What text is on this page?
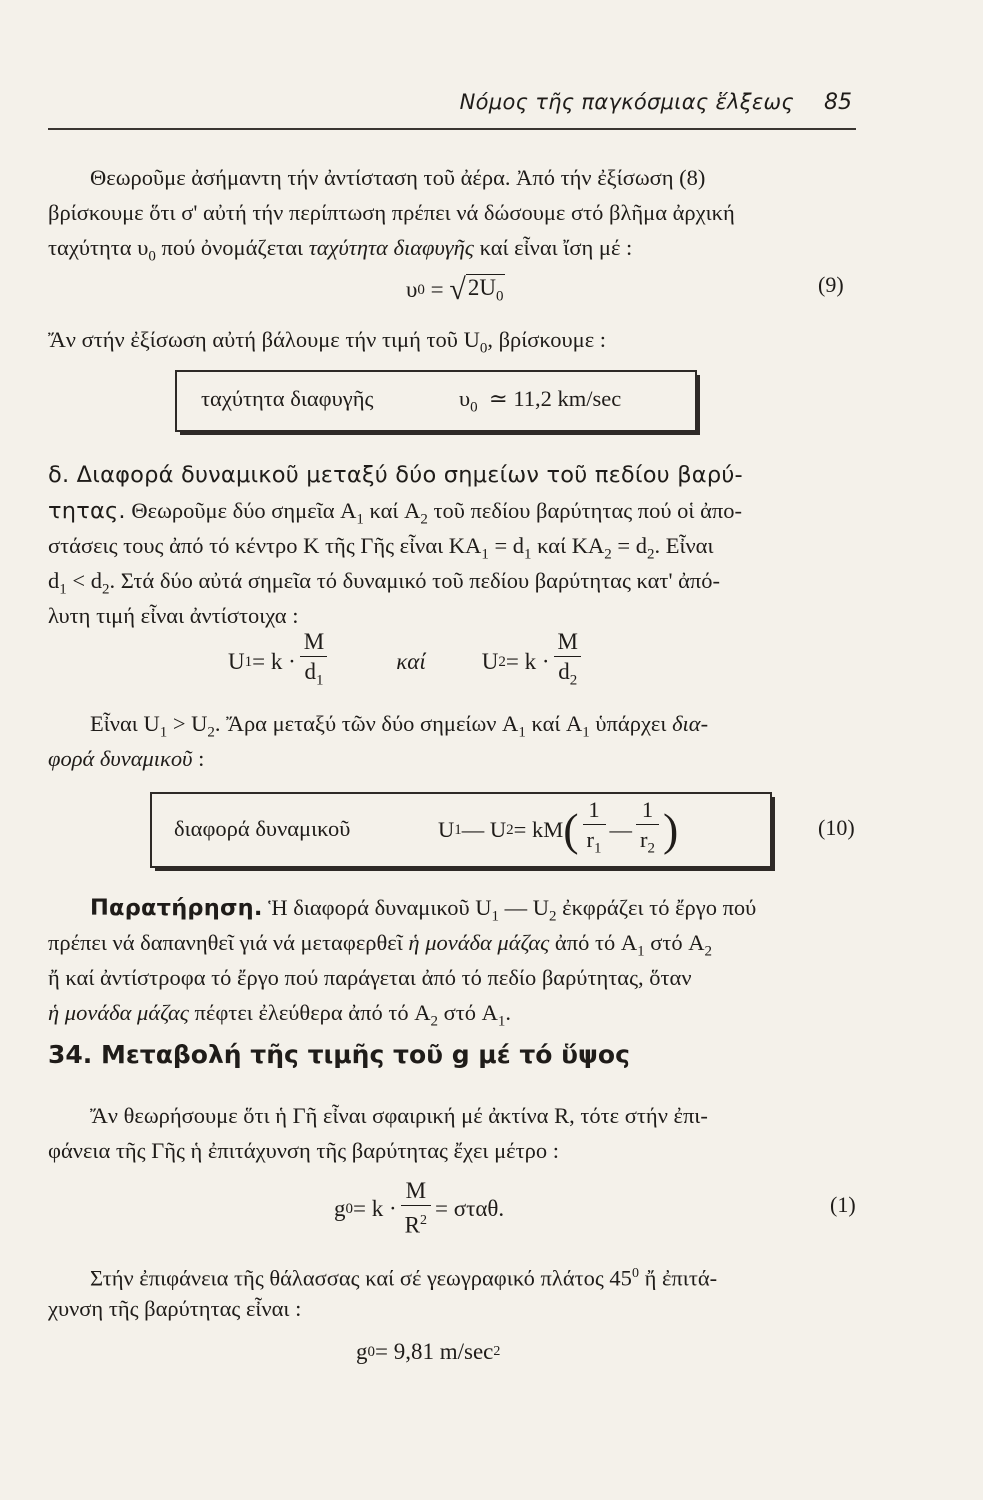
Νόμος τῆς παγκόσμιας ἕλξεως 85
Θεωροῦμε ἀσήμαντη τήν ἀντίσταση τοῦ ἀέρα. Ἀπό τήν ἐξίσωση (8)
βρίσκουμε ὅτι σ' αὐτή τήν περίπτωση πρέπει νά δώσουμε στό βλῆμα ἀρχική
ταχύτητα $\upsilon_0$ πού ὀνομάζεται ταχύτητα διαφυγῆς καί εἶναι ἴση μέ :
υ 0 = √ $2U_0$	(9)
Ἄν στήν ἐξίσωση αὐτή βάλουμε τήν τιμή τοῦ $U_0$, βρίσκουμε :
ταχύτητα διαφυγῆς	$\upsilon_0$ ≃ 11,2 km/sec
δ. Διαφορά δυναμικοῦ μεταξύ δύο σημείων τοῦ πεδίου βαρύ-
τητας. Θεωροῦμε δύο σημεῖα $A_1$ καί $A_2$ τοῦ πεδίου βαρύτητας πού οἱ ἀπο-
στάσεις τους ἀπό τό κέντρο Κ τῆς Γῆς εἶναι $KA_1 = d_1$ καί $KA_2 = d_2$. Εἶναι
$d_1 < d_2$. Στά δύο αὐτά σημεῖα τό δυναμικό τοῦ πεδίου βαρύτητας κατ' ἀπό-
λυτη τιμή εἶναι ἀντίστοιχα :
U $1 = k \cdot \frac{M}{d_1}$	καί U $2 = k \cdot \frac{M}{d_2}$
Εἶναι $U_1 > U_2$. Ἄρα μεταξύ τῶν δύο σημείων $A_1$ καί $A_1$ ὑπάρχει δια-
φορά δυναμικοῦ :
διαφορά δυναμικοῦ	U 1 — U 2 = kM ( $\frac{1}{r_1}$ — $\frac{1}{r_2}$ )	(10)
Παρατήρηση. Ἡ διαφορά δυναμικοῦ $U_1$ — $U_2$ ἐκφράζει τό ἔργο πού
πρέπει νά δαπανηθεῖ γιά νά μεταφερθεῖ ἡ μονάδα μάζας ἀπό τό $A_1$ στό $A_2$
ἤ καί ἀντίστροφα τό ἔργο πού παράγεται ἀπό τό πεδίο βαρύτητας, ὅταν
ἡ μονάδα μάζας πέφτει ἐλεύθερα ἀπό τό $A_2$ στό $A_1$.
34. Μεταβολή τῆς τιμῆς τοῦ g μέ τό ὕψος
Ἄν θεωρήσουμε ὅτι ἡ Γῆ εἶναι σφαιρική μέ ἀκτίνα R, τότε στήν ἐπι-
φάνεια τῆς Γῆς ἡ ἐπιτάχυνση τῆς βαρύτητας ἔχει μέτρο :
g $0 = k \cdot \frac{M}{R^2} = \sigma\tau\alpha\theta$.	(1)
Στήν ἐπιφάνεια τῆς θάλασσας καί σέ γεωγραφικό πλάτος $45^0$ ἤ ἐπιτά-
χυνση τῆς βαρύτητας εἶναι :
g 0 = 9,81 m/sec 2
